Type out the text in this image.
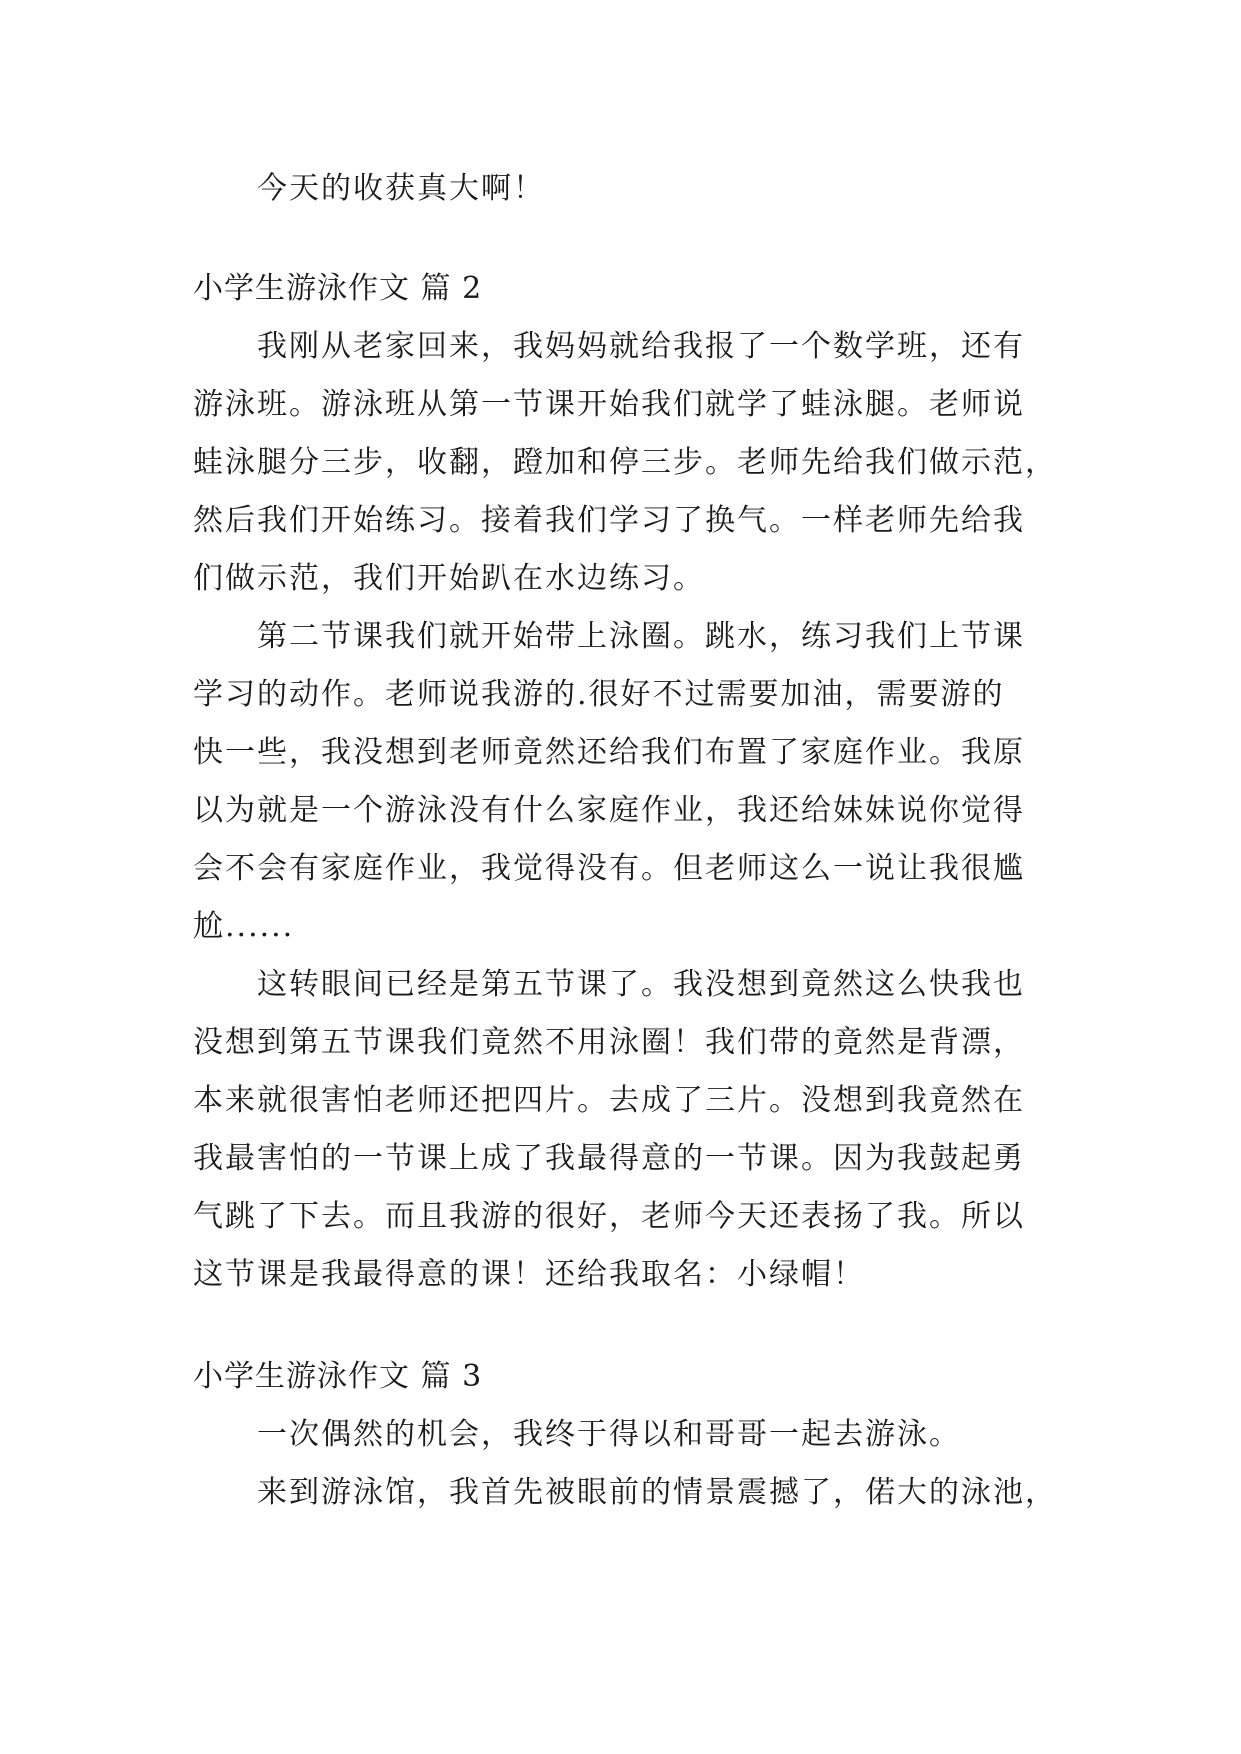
今天的收获真大啊！
小学生游泳作文 篇 2
我刚从老家回来，我妈妈就给我报了一个数学班，还有
游泳班。游泳班从第一节课开始我们就学了蛙泳腿。老师说
蛙泳腿分三步，收翻，蹬加和停三步。老师先给我们做示范，
然后我们开始练习。接着我们学习了换气。一样老师先给我
们做示范，我们开始趴在水边练习。
第二节课我们就开始带上泳圈。跳水，练习我们上节课
学习的动作。老师说我游的.很好不过需要加油，需要游的
快一些，我没想到老师竟然还给我们布置了家庭作业。我原
以为就是一个游泳没有什么家庭作业，我还给妹妹说你觉得
会不会有家庭作业，我觉得没有。但老师这么一说让我很尴
尬......
这转眼间已经是第五节课了。我没想到竟然这么快我也
没想到第五节课我们竟然不用泳圈！我们带的竟然是背漂，
本来就很害怕老师还把四片。去成了三片。没想到我竟然在
我最害怕的一节课上成了我最得意的一节课。因为我鼓起勇
气跳了下去。而且我游的很好，老师今天还表扬了我。所以
这节课是我最得意的课！还给我取名：小绿帽！
小学生游泳作文 篇 3
一次偶然的机会，我终于得以和哥哥一起去游泳。
来到游泳馆，我首先被眼前的情景震撼了，偌大的泳池，
